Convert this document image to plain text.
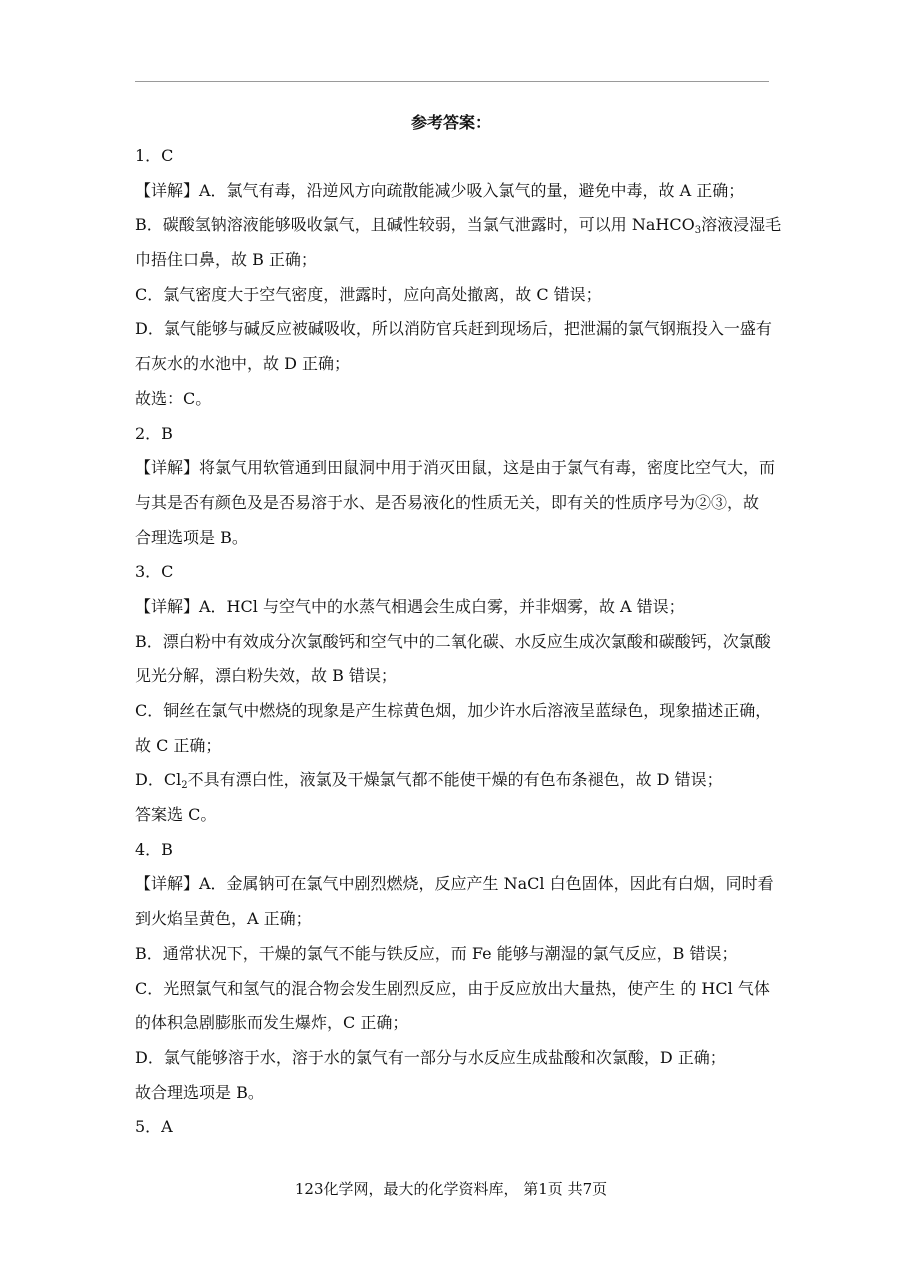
参考答案：
1．C
【详解】A．氯气有毒，沿逆风方向疏散能减少吸入氯气的量，避免中毒，故 A 正确；
B．碳酸氢钠溶液能够吸收氯气，且碱性较弱，当氯气泄露时，可以用 NaHCO$_3$溶液浸湿毛
巾捂住口鼻，故 B 正确；
C．氯气密度大于空气密度，泄露时，应向高处撤离，故 C 错误；
D．氯气能够与碱反应被碱吸收，所以消防官兵赶到现场后，把泄漏的氯气钢瓶投入一盛有
石灰水的水池中，故 D 正确；
故选：C。
2．B
【详解】将氯气用软管通到田鼠洞中用于消灭田鼠，这是由于氯气有毒，密度比空气大，而
与其是否有颜色及是否易溶于水、是否易液化的性质无关，即有关的性质序号为②③，故
合理选项是 B。
3．C
【详解】A．HCl 与空气中的水蒸气相遇会生成白雾，并非烟雾，故 A 错误；
B．漂白粉中有效成分次氯酸钙和空气中的二氧化碳、水反应生成次氯酸和碳酸钙，次氯酸
见光分解，漂白粉失效，故 B 错误；
C．铜丝在氯气中燃烧的现象是产生棕黄色烟，加少许水后溶液呈蓝绿色，现象描述正确，
故 C 正确；
D．$Cl_2$不具有漂白性，液氯及干燥氯气都不能使干燥的有色布条褪色，故 D 错误；
答案选 C。
4．B
【详解】A．金属钠可在氯气中剧烈燃烧，反应产生 NaCl 白色固体，因此有白烟，同时看
到火焰呈黄色，A 正确；
B．通常状况下，干燥的氯气不能与铁反应，而 Fe 能够与潮湿的氯气反应，B 错误；
C．光照氯气和氢气的混合物会发生剧烈反应，由于反应放出大量热，使产生 的 HCl 气体
的体积急剧膨胀而发生爆炸，C 正确；
D．氯气能够溶于水，溶于水的氯气有一部分与水反应生成盐酸和次氯酸，D 正确；
故合理选项是 B。
5．A
123化学网，最大的化学资料库， 第1页 共7页
